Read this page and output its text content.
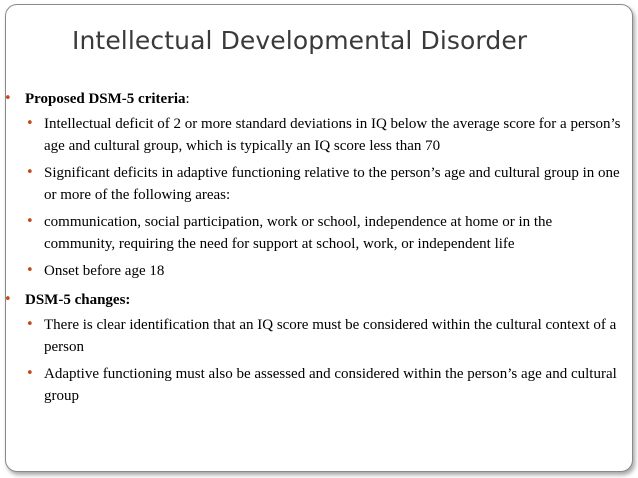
Intellectual Developmental Disorder
• Proposed DSM-5 criteria:
• Intellectual deficit of 2 or more standard deviations in IQ below the average score for a person’s age and cultural group, which is typically an IQ score less than 70
• Significant deficits in adaptive functioning relative to the person’s age and cultural group in one or more of the following areas:
• communication, social participation, work or school, independence at home or in the community, requiring the need for support at school, work, or independent life
• Onset before age 18
• DSM-5 changes:
• There is clear identification that an IQ score must be considered within the cultural context of a person
• Adaptive functioning must also be assessed and considered within the person’s age and cultural group
